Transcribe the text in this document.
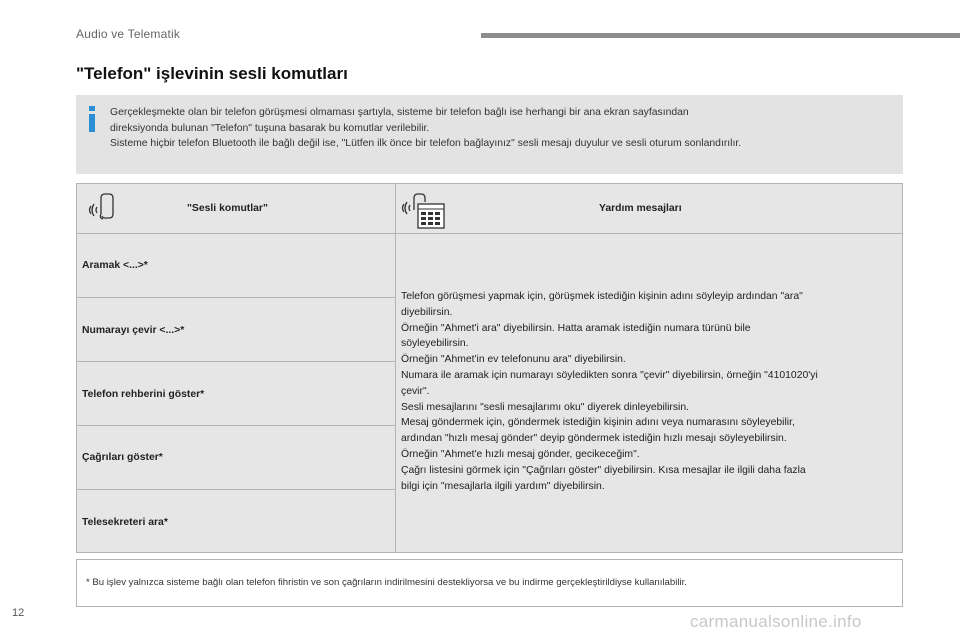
Audio ve Telematik
"Telefon" işlevinin sesli komutları

Gerçekleşmekte olan bir telefon görüşmesi olmaması şartıyla, sisteme bir telefon bağlı ise herhangi bir ana ekran sayfasından

direksiyonda bulunan "Telefon" tuşuna basarak bu komutlar verilebilir.

Sisteme hiçbir telefon Bluetooth ile bağlı değil ise, "Lütfen ilk önce bir telefon bağlayınız" sesli mesajı duyulur ve sesli oturum sonlandırılır.

"Sesli komutlar"	Yardım mesajları
Aramak <...>*
Numarayı çevir <...>*
Telefon rehberini göster*
Çağrıları göster*
Telesekreteri ara*

Telefon görüşmesi yapmak için, görüşmek istediğin kişinin adını söyleyip ardından "ara"

diyebilirsin.

Örneğin "Ahmet'i ara" diyebilirsin. Hatta aramak istediğin numara türünü bile

söyleyebilirsin.

Örneğin "Ahmet'in ev telefonunu ara" diyebilirsin.

Numara ile aramak için numarayı söyledikten sonra "çevir" diyebilirsin, örneğin "4101020'yi

çevir".

Sesli mesajlarını "sesli mesajlarımı oku" diyerek dinleyebilirsin.

Mesaj göndermek için, göndermek istediğin kişinin adını veya numarasını söyleyebilir,

ardından "hızlı mesaj gönder" deyip göndermek istediğin hızlı mesajı söyleyebilirsin.

Örneğin "Ahmet'e hızlı mesaj gönder, gecikeceğim".

Çağrı listesini görmek için "Çağrıları göster" diyebilirsin. Kısa mesajlar ile ilgili daha fazla

bilgi için "mesajlarla ilgili yardım" diyebilirsin.

* Bu işlev yalnızca sisteme bağlı olan telefon fihristin ve son çağrıların indirilmesini destekliyorsa ve bu indirme gerçekleştirildiyse kullanılabilir.
12	carmanualsonline.info
